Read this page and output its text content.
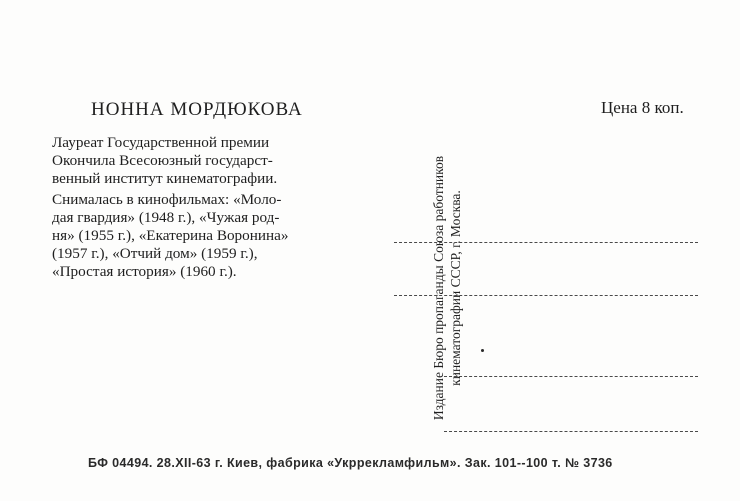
НОННА МОРДЮКОВА	Цена 8 коп.
Лауреат Государственной премии
Окончила Всесоюзный государст-
венный институт кинематографии.
Снималась в кинофильмах: «Моло-
дая гвардия» (1948 г.), «Чужая род-
ня» (1955 г.), «Екатерина Воронина»
(1957 г.), «Отчий дом» (1959 г.),
«Простая история» (1960 г.).	Издание Бюро пропаганды Союза работников кинематографии СССР, г. Москва.
БФ 04494. 28.XII-63 г. Киев, фабрика «Укррекламфильм». Зак. 101--100 т. № 3736
